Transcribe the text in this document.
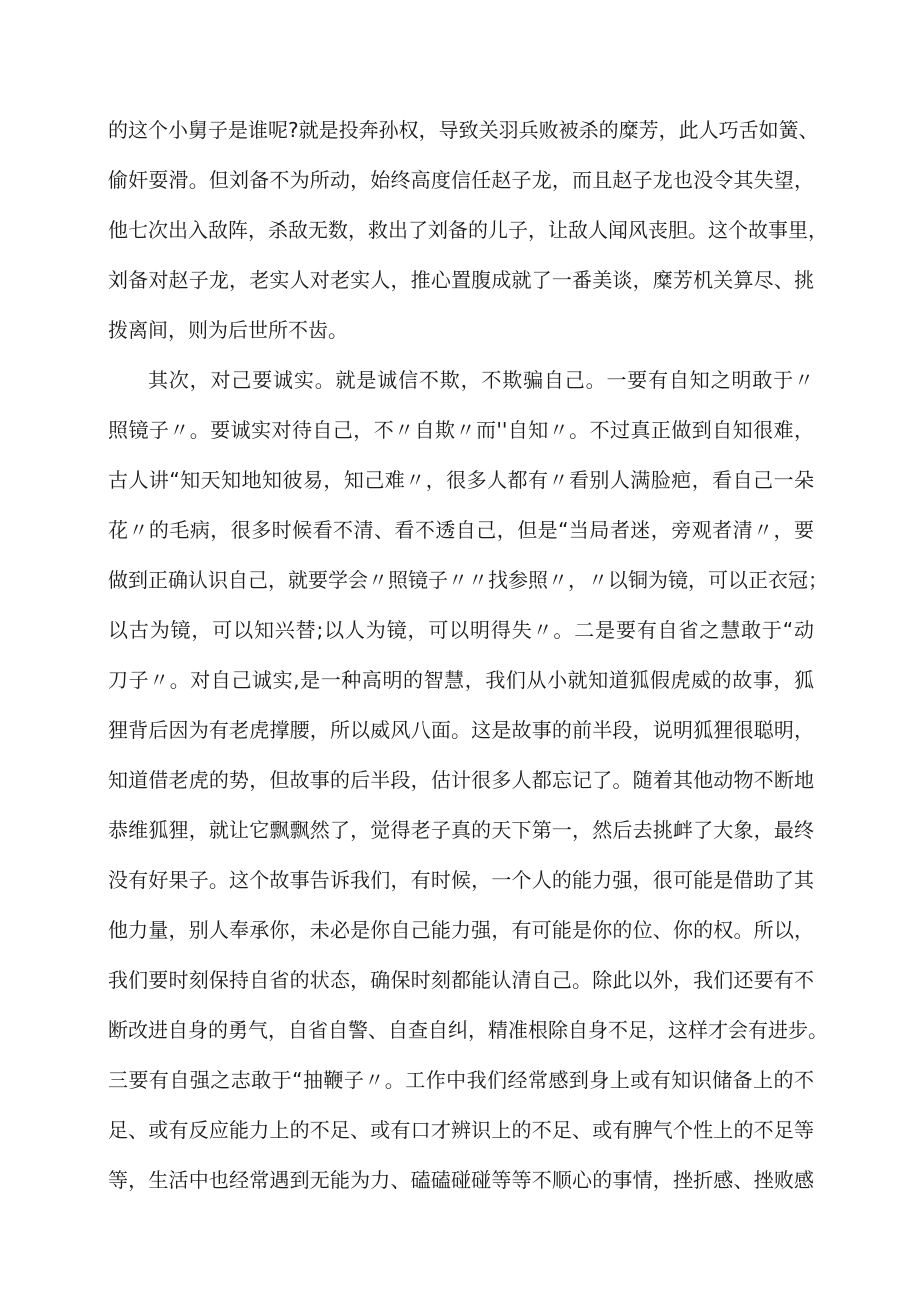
的这个小舅子是谁呢?就是投奔孙权，导致关羽兵败被杀的糜芳，此人巧舌如簧、
偷奸耍滑。但刘备不为所动，始终高度信任赵子龙，而且赵子龙也没令其失望，
他七次出入敌阵，杀敌无数，救出了刘备的儿子，让敌人闻风丧胆。这个故事里，
刘备对赵子龙，老实人对老实人，推心置腹成就了一番美谈，糜芳机关算尽、挑
拨离间，则为后世所不齿。
其次，对己要诚实。就是诚信不欺，不欺骗自己。一要有自知之明敢于〃
照镜子〃。要诚实对待自己，不〃自欺〃而''自知〃。不过真正做到自知很难，
古人讲“知天知地知彼易，知己难〃，很多人都有〃看别人满脸疤，看自己一朵
花〃的毛病，很多时候看不清、看不透自己，但是“当局者迷，旁观者清〃，要
做到正确认识自己，就要学会〃照镜子〃〃找参照〃，〃以铜为镜，可以正衣冠；
以古为镜，可以知兴替;以人为镜，可以明得失〃。二是要有自省之慧敢于“动
刀子〃。对自己诚实,是一种高明的智慧，我们从小就知道狐假虎威的故事，狐
狸背后因为有老虎撑腰，所以威风八面。这是故事的前半段，说明狐狸很聪明，
知道借老虎的势，但故事的后半段，估计很多人都忘记了。随着其他动物不断地
恭维狐狸，就让它飘飘然了，觉得老子真的天下第一，然后去挑衅了大象，最终
没有好果子。这个故事告诉我们，有时候，一个人的能力强，很可能是借助了其
他力量，别人奉承你，未必是你自己能力强，有可能是你的位、你的权。所以，
我们要时刻保持自省的状态，确保时刻都能认清自己。除此以外，我们还要有不
断改进自身的勇气，自省自警、自查自纠，精准根除自身不足，这样才会有进步。
三要有自强之志敢于“抽鞭子〃。工作中我们经常感到身上或有知识储备上的不
足、或有反应能力上的不足、或有口才辨识上的不足、或有脾气个性上的不足等
等，生活中也经常遇到无能为力、磕磕碰碰等等不顺心的事情，挫折感、挫败感
